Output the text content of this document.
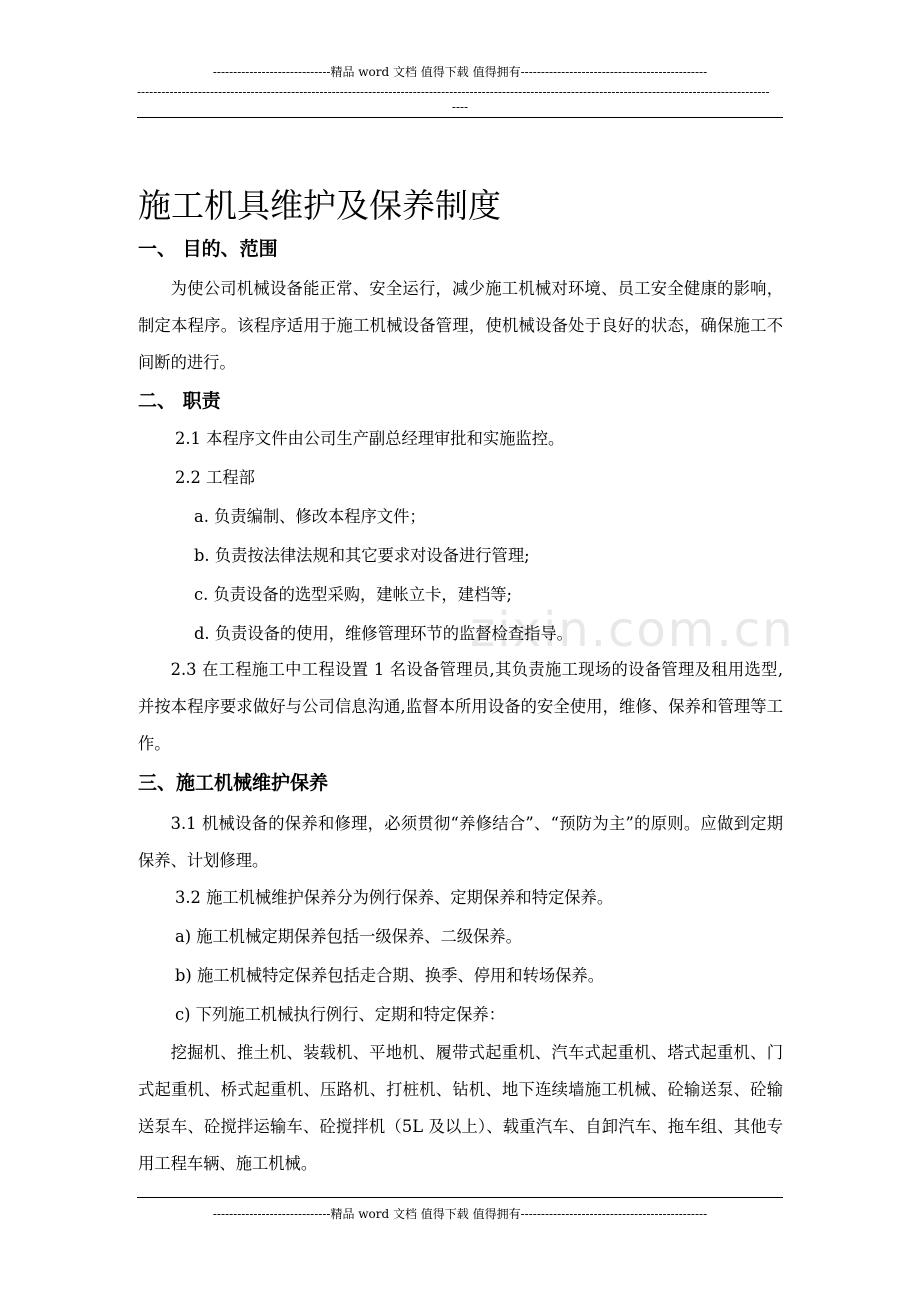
-----------------------------精品 word 文档 值得下载 值得拥有----------------------------------------------
------------------------------------------------------------------------------------------------------------------------------------------------------------
----
zixin.com.cn
施工机具维护及保养制度
一、 目的、范围
为使公司机械设备能正常、安全运行，减少施工机械对环境、员工安全健康的影响，制定本程序。该程序适用于施工机械设备管理，使机械设备处于良好的状态，确保施工不间断的进行。
二、 职责
2.1 本程序文件由公司生产副总经理审批和实施监控。
2.2 工程部
a. 负责编制、修改本程序文件；
b. 负责按法律法规和其它要求对设备进行管理;
c. 负责设备的选型采购，建帐立卡，建档等;
d. 负责设备的使用，维修管理环节的监督检查指导。
2.3 在工程施工中工程设置 1 名设备管理员,其负责施工现场的设备管理及租用选型,并按本程序要求做好与公司信息沟通,监督本所用设备的安全使用，维修、保养和管理等工作。
三、施工机械维护保养
3.1 机械设备的保养和修理，必须贯彻“养修结合”、“预防为主”的原则。应做到定期保养、计划修理。
3.2 施工机械维护保养分为例行保养、定期保养和特定保养。
a) 施工机械定期保养包括一级保养、二级保养。
b) 施工机械特定保养包括走合期、换季、停用和转场保养。
c) 下列施工机械执行例行、定期和特定保养：
挖掘机、推土机、装载机、平地机、履带式起重机、汽车式起重机、塔式起重机、门式起重机、桥式起重机、压路机、打桩机、钻机、地下连续墙施工机械、砼输送泵、砼输送泵车、砼搅拌运输车、砼搅拌机（5L 及以上）、载重汽车、自卸汽车、拖车组、其他专用工程车辆、施工机械。
-----------------------------精品 word 文档 值得下载 值得拥有----------------------------------------------
